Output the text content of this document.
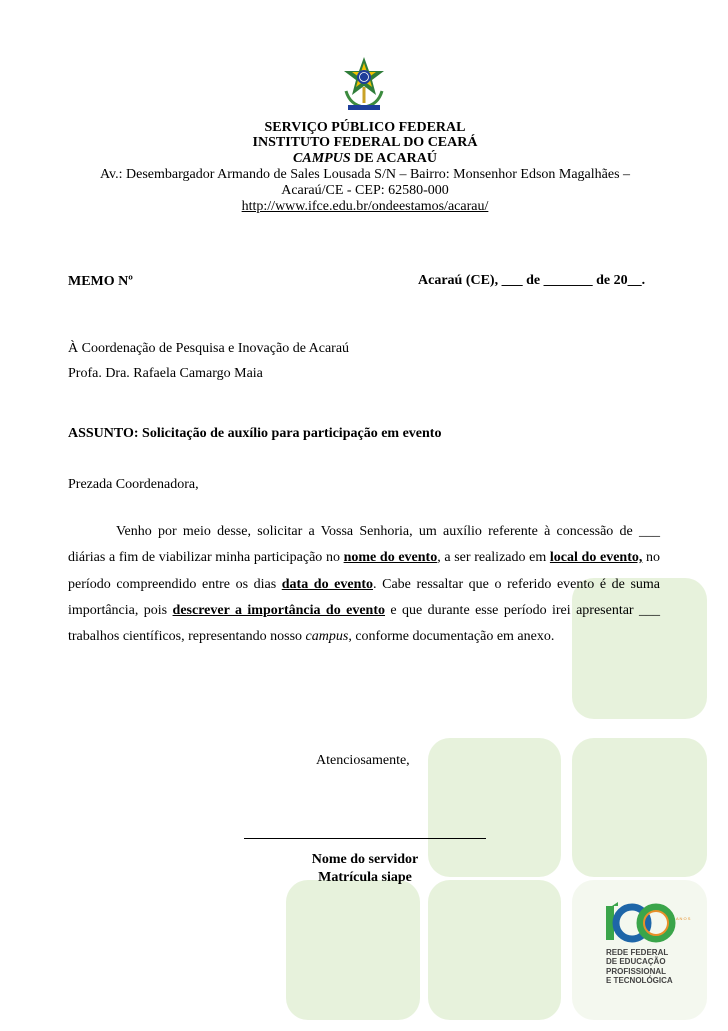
SERVIÇO PÚBLICO FEDERAL
INSTITUTO FEDERAL DO CEARÁ
CAMPUS DE ACARAÚ
Av.: Desembargador Armando de Sales Lousada S/N – Bairro: Monsenhor Edson Magalhães –
Acaraú/CE - CEP: 62580-000
http://www.ifce.edu.br/ondeestamos/acarau/
MEMO Nº	Acaraú (CE), ___ de _______ de 20__.
À Coordenação de Pesquisa e Inovação de Acaraú
Profa. Dra. Rafaela Camargo Maia
ASSUNTO: Solicitação de auxílio para participação em evento
Prezada Coordenadora,
Venho por meio desse, solicitar a Vossa Senhoria, um auxílio referente à concessão de ___ diárias a fim de viabilizar minha participação no nome do evento, a ser realizado em local do evento, no período compreendido entre os dias data do evento. Cabe ressaltar que o referido evento é de suma importância, pois descrever a importância do evento e que durante esse período irei apresentar ___ trabalhos científicos, representando nosso campus, conforme documentação em anexo.
Atenciosamente,
Nome do servidor
Matrícula siape
A N O S
REDE FEDERAL
DE EDUCAÇÃO
PROFISSIONAL
E TECNOLÓGICA
